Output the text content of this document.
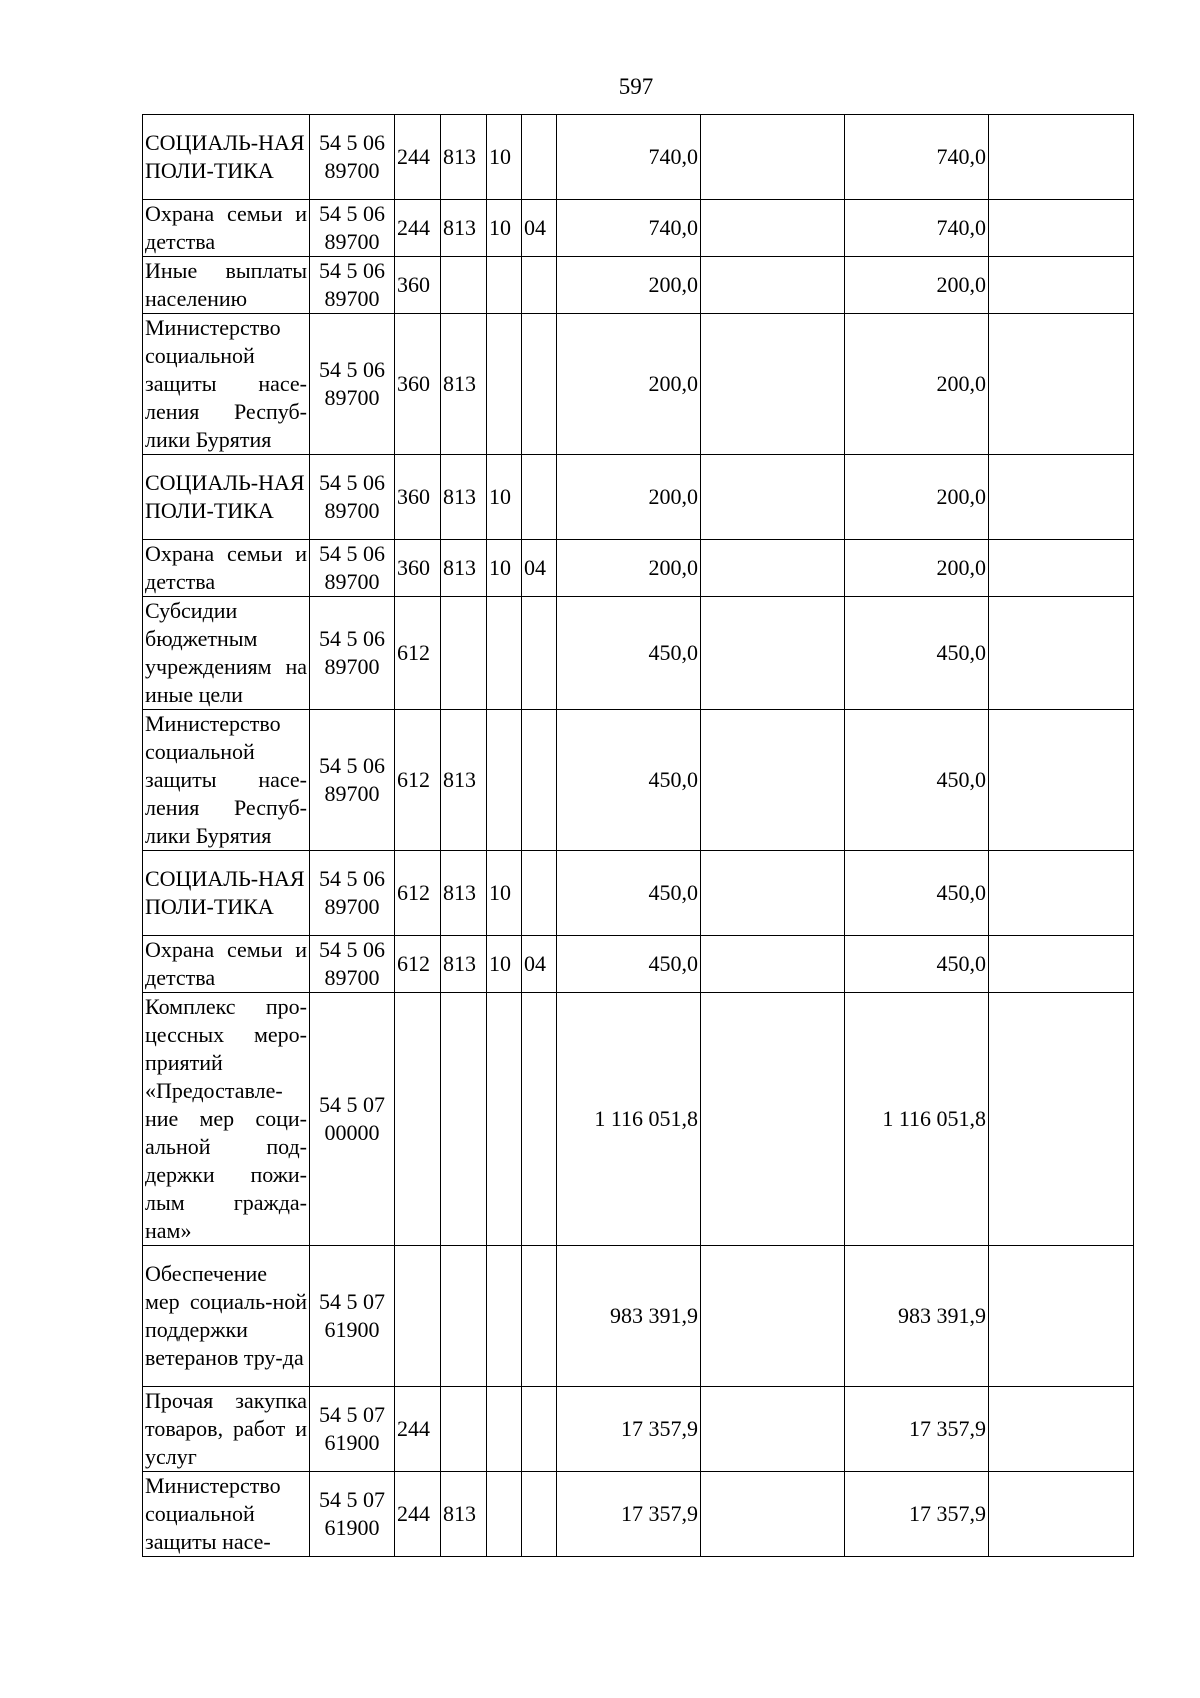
597
СОЦИАЛЬ-НАЯ ПОЛИ-ТИКА	54 5 06 89700	244	813	10		740,0		740,0	
Охрана семьи и детства	54 5 06 89700	244	813	10	04	740,0		740,0	
Иные выплаты населению	54 5 06 89700	360				200,0		200,0	
Министерство социальной защиты насе-ления Респуб-лики Бурятия	54 5 06 89700	360	813			200,0		200,0	
СОЦИАЛЬ-НАЯ ПОЛИ-ТИКА	54 5 06 89700	360	813	10		200,0		200,0	
Охрана семьи и детства	54 5 06 89700	360	813	10	04	200,0		200,0	
Субсидии бюджетным учреждениям на иные цели	54 5 06 89700	612				450,0		450,0	
Министерство социальной защиты насе-ления Респуб-лики Бурятия	54 5 06 89700	612	813			450,0		450,0	
СОЦИАЛЬ-НАЯ ПОЛИ-ТИКА	54 5 06 89700	612	813	10		450,0		450,0	
Охрана семьи и детства	54 5 06 89700	612	813	10	04	450,0		450,0	
Комплекс про-цессных меро-приятий «Предоставле-ние мер соци-альной под-держки пожи-лым гражда-нам»	54 5 07 00000					1 116 051,8		1 116 051,8	
Обеспечение мер социаль-ной поддержки ветеранов тру-да	54 5 07 61900					983 391,9		983 391,9	
Прочая закупка товаров, работ и услуг	54 5 07 61900	244				17 357,9		17 357,9	
Министерство социальной защиты насе-	54 5 07 61900	244	813			17 357,9		17 357,9	
